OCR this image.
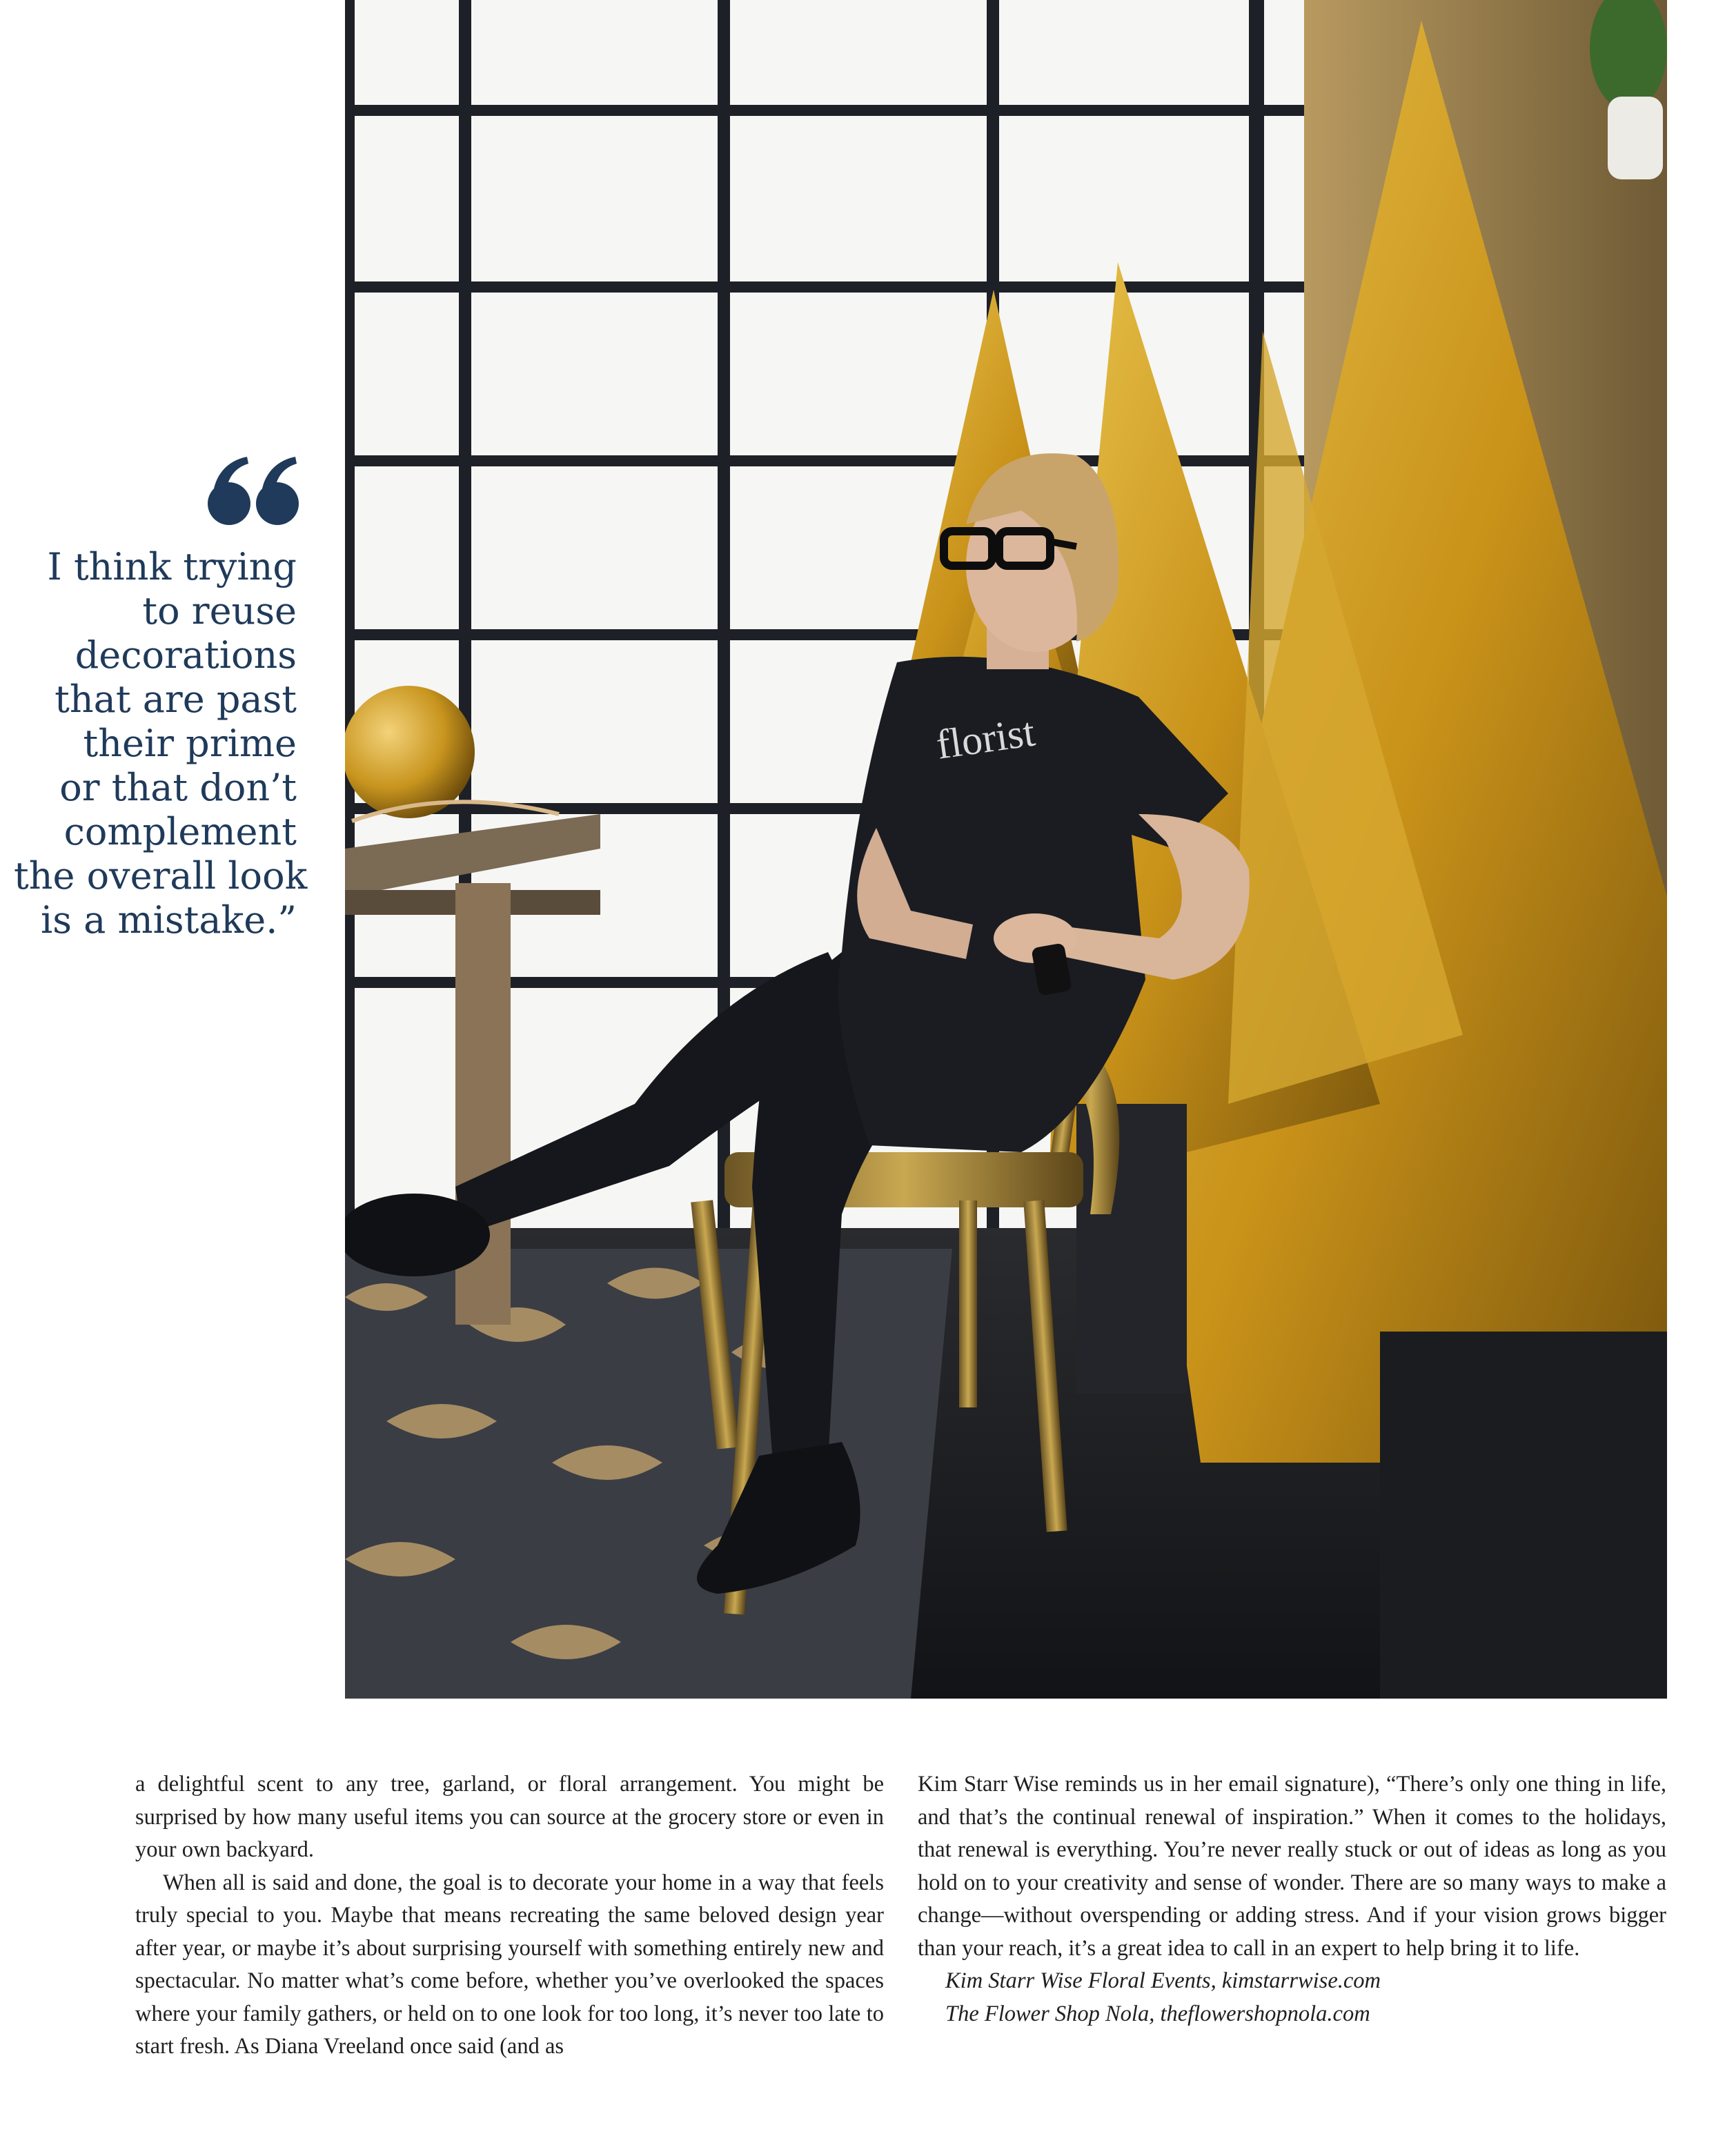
I think trying
to reuse
decorations
that are past
their prime
or that don’t
complement
the overall look
is a mistake.”
florist

a delightful scent to any tree, garland, or floral arrangement. You might be surprised by how many useful items you can source at the grocery store or even in your own backyard.

When all is said and done, the goal is to decorate your home in a way that feels truly special to you. Maybe that means recreating the same beloved design year after year, or maybe it’s about surprising yourself with something entirely new and spectacular. No matter what’s come before, whether you’ve overlooked the spaces where your family gathers, or held on to one look for too long, it’s never too late to start fresh. As Diana Vreeland once said (and as

Kim Starr Wise reminds us in her email signature), “There’s only one thing in life, and that’s the continual renewal of inspiration.” When it comes to the holidays, that renewal is everything. You’re never really stuck or out of ideas as long as you hold on to your creativity and sense of wonder. There are so many ways to make a change—without overspending or adding stress. And if your vision grows bigger than your reach, it’s a great idea to call in an expert to help bring it to life.

Kim Starr Wise Floral Events, kimstarrwise.com
The Flower Shop Nola, theflowershopnola.com
